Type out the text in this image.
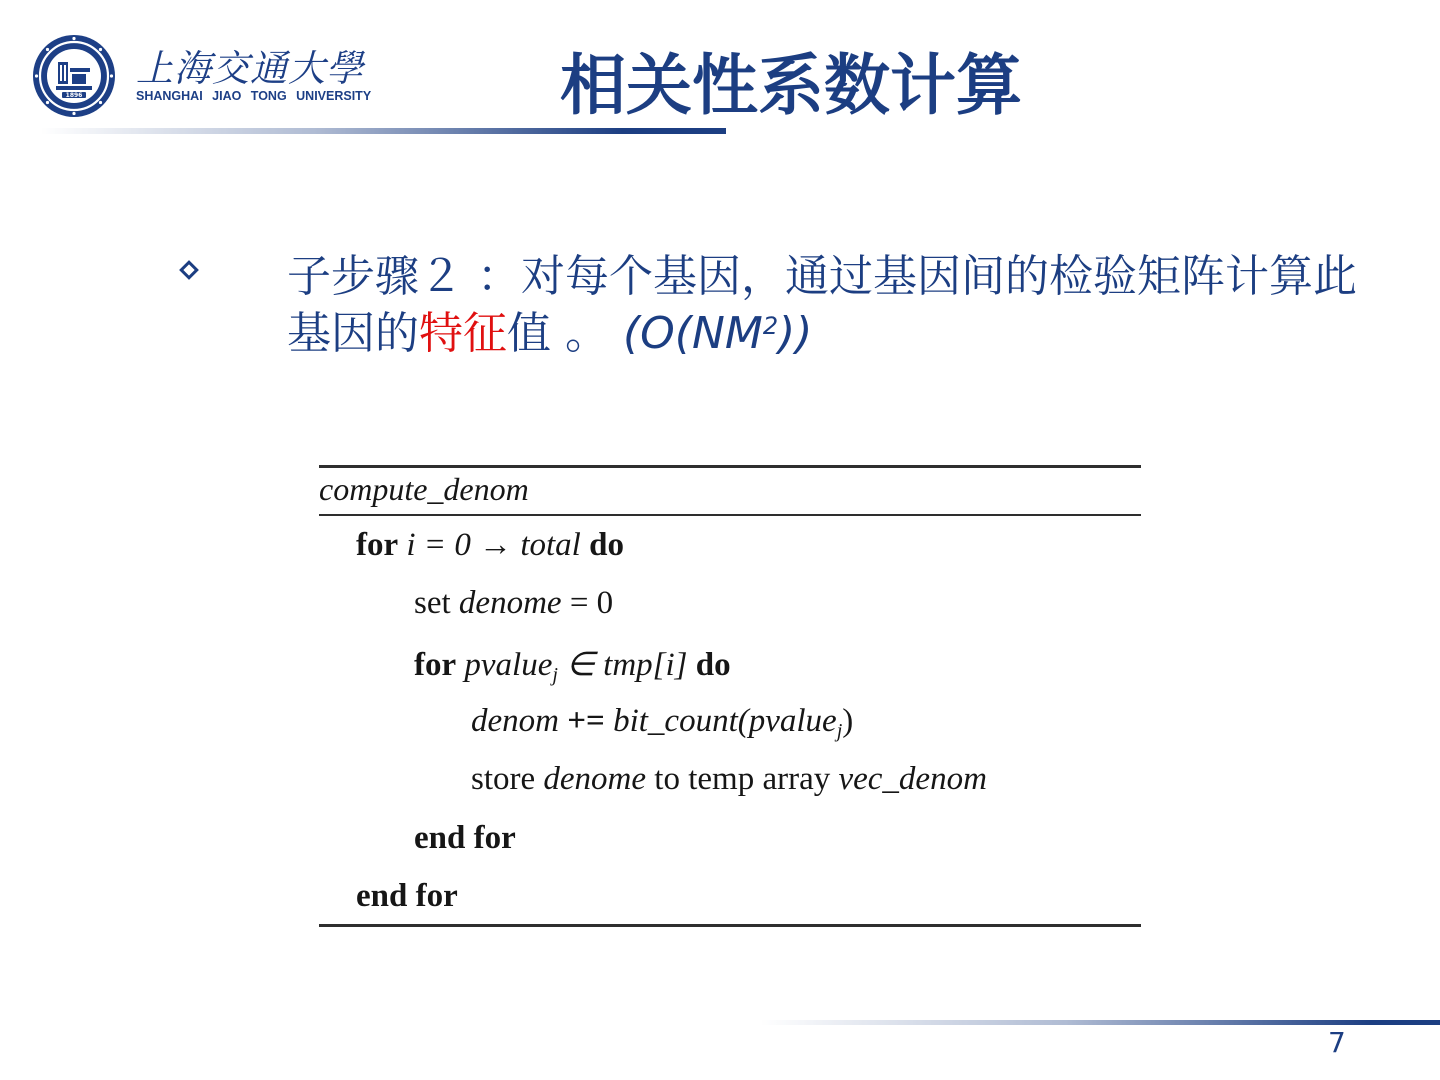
1896
上海交通大學
SHANGHAI JIAO TONG UNIVERSITY	相关性系数计算
子步骤２ ：对每个基因，通过基因间的检验矩阵计算此基因的特征值 。 $(O(NM^2))$
compute_denom
for i = 0 → total do
set denome = 0
for pvalue$_j$ ∈ tmp[i] do
denom += bit_count(pvalue$_j$)
store denome to temp array vec_denom
end for
end for
7
